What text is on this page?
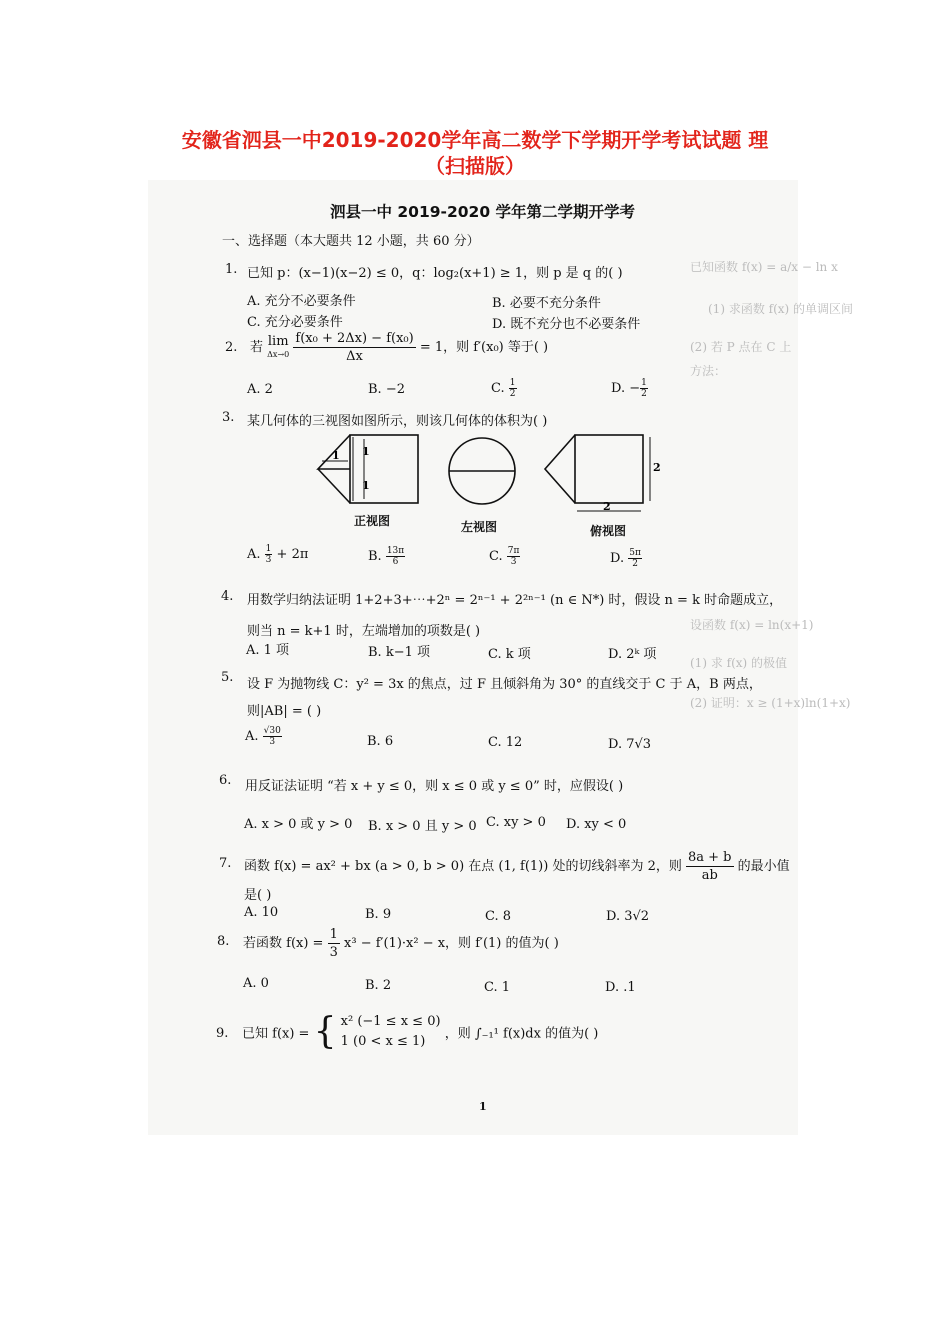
安徽省泗县一中2019-2020学年高二数学下学期开学考试试题 理
（扫描版）
已知函数 f(x) = a/x − ln x
(1) 求函数 f(x) 的单调区间
(2) 若 P 点在 C 上
方法：
设函数 f(x) = ln(x+1)
(1) 求 f(x) 的极值
(2) 证明：x ≥ (1+x)ln(1+x)
泗县一中 2019-2020 学年第二学期开学考
一、选择题（本大题共 12 小题，共 60 分）
1. 已知 p：(x−1)(x−2) ≤ 0，q：log₂(x+1) ≥ 1，则 p 是 q 的( )
A. 充分不必要条件	B. 必要不充分条件
C. 充分必要条件	D. 既不充分也不必要条件
2. 若 lim
Δx→0
$\frac{\text{f(x₀ + 2Δx) − f(x₀)}}{\Delta x} = 1$，则 f′(x₀) 等于( )
A. 2	B. −2	C. $\frac{1}{2}$	D. − $\frac{1}{2}$
3. 某几何体的三视图如图所示，则该几何体的体积为( )
1 1
1
2
2
正视图	左视图	俯视图
A. $\frac{1}{3} + 2\pi$	B. $\frac{13\pi}{6}$	C. $\frac{7\pi}{3}$	D. $\frac{5\pi}{2}$
4. 用数学归纳法证明 1+2+3+⋯+2ⁿ = 2ⁿ⁻¹ + 2²ⁿ⁻¹ (n ∈ N*) 时，假设 n = k 时命题成立，
则当 n = k+1 时，左端增加的项数是( )
A. 1 项	B. k−1 项	C. k 项	D. 2ᵏ 项
5. 设 F 为抛物线 C：y² = 3x 的焦点，过 F 且倾斜角为 30° 的直线交于 C 于 A，B 两点，
则|AB| = ( )
A. $\frac{√30}{3}$	B. 6	C. 12	D. 7√3
6. 用反证法证明 “若 x + y ≤ 0，则 x ≤ 0 或 y ≤ 0” 时，应假设( )
A. x > 0 或 y > 0 B. x > 0 且 y > 0 C. xy > 0 D. xy < 0
7. 函数 f(x) = ax² + bx (a > 0, b > 0) 在点 (1, f(1)) 处的切线斜率为 2，则 $\frac{8a + b}{ab}$ 的最小值
是( )
A. 10	B. 9	C. 8	D. 3√2
8. 若函数 $f(x) = \frac{1}{3} x^3 - f'(1)\cdot x^2 - x$，则 f′(1) 的值为( )
A. 0	B. 2	C. 1	D. .1
9. 已知 f(x) = { x² (−1 ≤ x ≤ 0)
1 (0 < x ≤ 1)	，则 ∫₋₁¹ f(x)dx 的值为( )
1
